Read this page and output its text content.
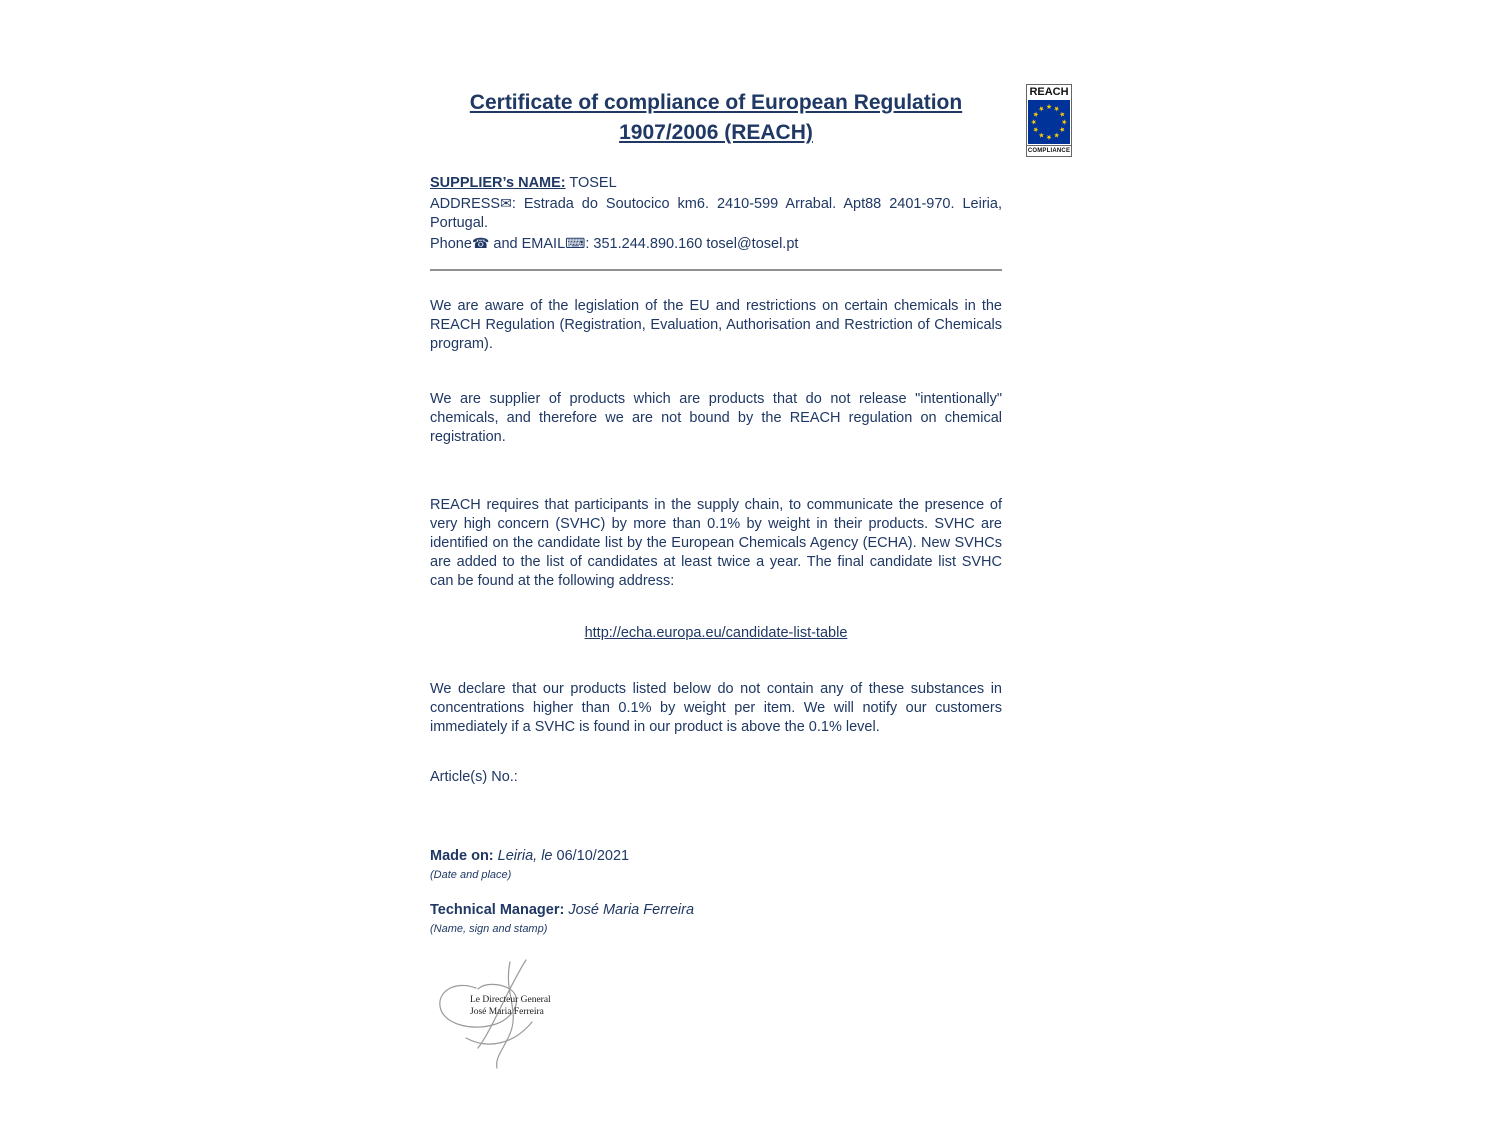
REACH
★
★
★
★
★
★
★
★
★
★
★
★
COMPLIANCE
Certificate of compliance of European Regulation
1907/2006 (REACH)
SUPPLIER’s NAME: TOSEL
ADDRESS✉: Estrada do Soutocico km6. 2410-599 Arrabal. Apt88 2401-970. Leiria, Portugal.
Phone☎ and EMAIL⌨: 351.244.890.160 tosel@tosel.pt

We are aware of the legislation of the EU and restrictions on certain chemicals in the REACH Regulation (Registration, Evaluation, Authorisation and Restriction of Chemicals program).

We are supplier of products which are products that do not release "intentionally" chemicals, and therefore we are not bound by the REACH regulation on chemical registration.

REACH requires that participants in the supply chain, to communicate the presence of very high concern (SVHC) by more than 0.1% by weight in their products. SVHC are identified on the candidate list by the European Chemicals Agency (ECHA). New SVHCs are added to the list of candidates at least twice a year. The final candidate list SVHC can be found at the following address:

http://echa.europa.eu/candidate-list-table

We declare that our products listed below do not contain any of these substances in concentrations higher than 0.1% by weight per item. We will notify our customers immediately if a SVHC is found in our product is above the 0.1% level.

Article(s) No.:

Made on: Leiria, le 06/10/2021
(Date and place)
Technical Manager: José Maria Ferreira
(Name, sign and stamp)
Le Directeur General
José Maria Ferreira
